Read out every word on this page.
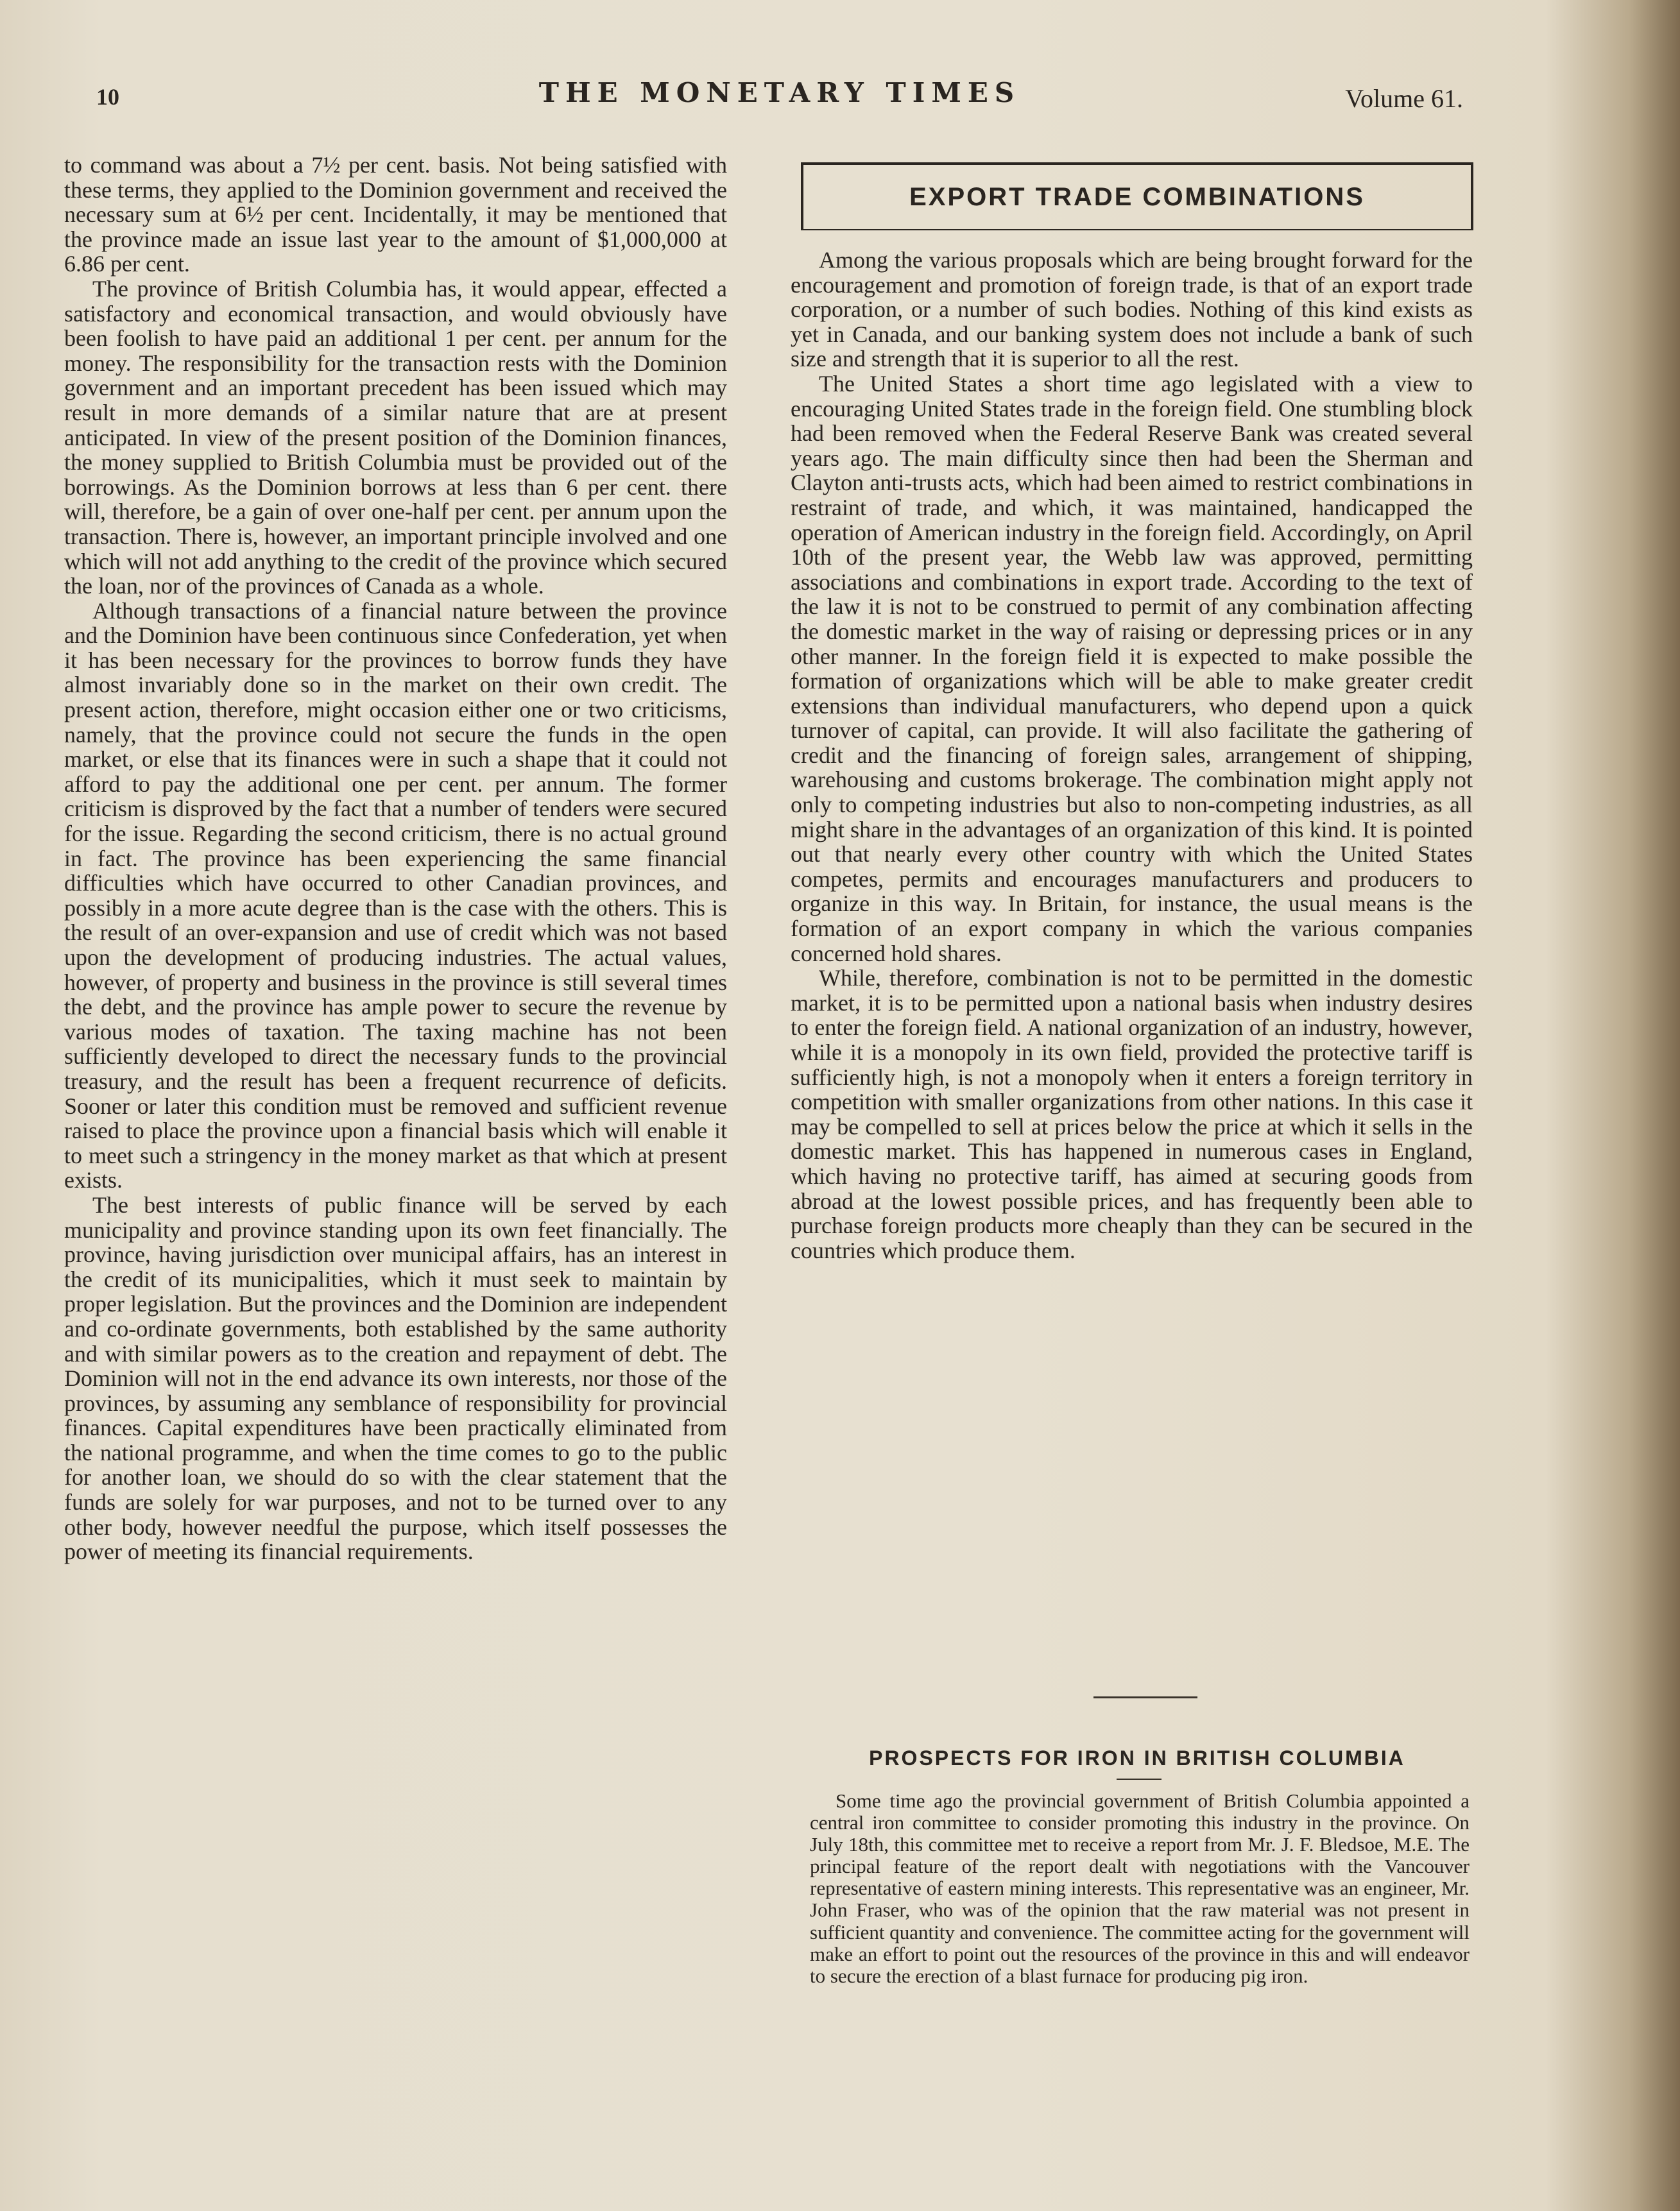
10	THE MONETARY TIMES	Volume 61.

to command was about a 7½ per cent. basis. Not being satisfied with these terms, they applied to the Dominion government and received the necessary sum at 6½ per cent. Incidentally, it may be mentioned that the province made an issue last year to the amount of $1,000,000 at 6.86 per cent.

The province of British Columbia has, it would appear, effected a satisfactory and economical transaction, and would obviously have been foolish to have paid an additional 1 per cent. per annum for the money. The responsibility for the transaction rests with the Dominion government and an important precedent has been issued which may result in more demands of a similar nature that are at present anticipated. In view of the present position of the Dominion finances, the money supplied to British Columbia must be provided out of the borrowings. As the Dominion borrows at less than 6 per cent. there will, therefore, be a gain of over one-half per cent. per annum upon the transaction. There is, however, an important principle involved and one which will not add anything to the credit of the province which secured the loan, nor of the provinces of Canada as a whole.

Although transactions of a financial nature between the province and the Dominion have been continuous since Confederation, yet when it has been necessary for the provinces to borrow funds they have almost invariably done so in the market on their own credit. The present action, therefore, might occasion either one or two criticisms, namely, that the province could not secure the funds in the open market, or else that its finances were in such a shape that it could not afford to pay the additional one per cent. per annum. The former criticism is disproved by the fact that a number of tenders were secured for the issue. Regarding the second criticism, there is no actual ground in fact. The province has been experiencing the same financial difficulties which have occurred to other Canadian provinces, and possibly in a more acute degree than is the case with the others. This is the result of an over-expansion and use of credit which was not based upon the development of producing industries. The actual values, however, of property and business in the province is still several times the debt, and the province has ample power to secure the revenue by various modes of taxation. The taxing machine has not been sufficiently developed to direct the necessary funds to the provincial treasury, and the result has been a frequent recurrence of deficits. Sooner or later this condition must be removed and sufficient revenue raised to place the province upon a financial basis which will enable it to meet such a stringency in the money market as that which at present exists.

The best interests of public finance will be served by each municipality and province standing upon its own feet financially. The province, having jurisdiction over municipal affairs, has an interest in the credit of its municipalities, which it must seek to maintain by proper legislation. But the provinces and the Dominion are independent and co-ordinate governments, both established by the same authority and with similar powers as to the creation and repayment of debt. The Dominion will not in the end advance its own interests, nor those of the provinces, by assuming any semblance of responsibility for provincial finances. Capital expenditures have been practically eliminated from the national programme, and when the time comes to go to the public for another loan, we should do so with the clear statement that the funds are solely for war purposes, and not to be turned over to any other body, however needful the purpose, which itself possesses the power of meeting its financial requirements.

EXPORT TRADE COMBINATIONS

Among the various proposals which are being brought forward for the encouragement and promotion of foreign trade, is that of an export trade corporation, or a number of such bodies. Nothing of this kind exists as yet in Canada, and our banking system does not include a bank of such size and strength that it is superior to all the rest.

The United States a short time ago legislated with a view to encouraging United States trade in the foreign field. One stumbling block had been removed when the Federal Reserve Bank was created several years ago. The main difficulty since then had been the Sherman and Clayton anti-trusts acts, which had been aimed to restrict combinations in restraint of trade, and which, it was maintained, handicapped the operation of American industry in the foreign field. Accordingly, on April 10th of the present year, the Webb law was approved, permitting associations and combinations in export trade. According to the text of the law it is not to be construed to permit of any combination affecting the domestic market in the way of raising or depressing prices or in any other manner. In the foreign field it is expected to make possible the formation of organizations which will be able to make greater credit extensions than individual manufacturers, who depend upon a quick turnover of capital, can provide. It will also facilitate the gathering of credit and the financing of foreign sales, arrangement of shipping, warehousing and customs brokerage. The combination might apply not only to competing industries but also to non-competing industries, as all might share in the advantages of an organization of this kind. It is pointed out that nearly every other country with which the United States competes, permits and encourages manufacturers and producers to organize in this way. In Britain, for instance, the usual means is the formation of an export company in which the various companies concerned hold shares.

While, therefore, combination is not to be permitted in the domestic market, it is to be permitted upon a national basis when industry desires to enter the foreign field. A national organization of an industry, however, while it is a monopoly in its own field, provided the protective tariff is sufficiently high, is not a monopoly when it enters a foreign territory in competition with smaller organizations from other nations. In this case it may be compelled to sell at prices below the price at which it sells in the domestic market. This has happened in numerous cases in England, which having no protective tariff, has aimed at securing goods from abroad at the lowest possible prices, and has frequently been able to purchase foreign products more cheaply than they can be secured in the countries which produce them.

PROSPECTS FOR IRON IN BRITISH COLUMBIA

Some time ago the provincial government of British Columbia appointed a central iron committee to consider promoting this industry in the province. On July 18th, this committee met to receive a report from Mr. J. F. Bledsoe, M.E. The principal feature of the report dealt with negotiations with the Vancouver representative of eastern mining interests. This representative was an engineer, Mr. John Fraser, who was of the opinion that the raw material was not present in sufficient quantity and convenience. The committee acting for the government will make an effort to point out the resources of the province in this and will endeavor to secure the erection of a blast furnace for producing pig iron.
